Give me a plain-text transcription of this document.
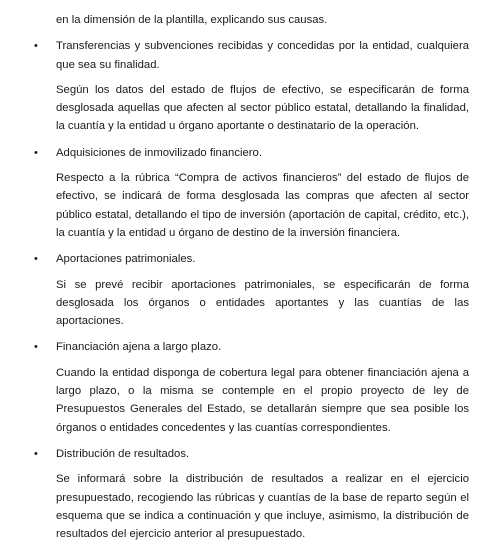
en la dimensión de la plantilla, explicando sus causas.
• Transferencias y subvenciones recibidas y concedidas por la entidad, cualquiera que sea su finalidad.
Según los datos del estado de flujos de efectivo, se especificarán de forma desglosada aquellas que afecten al sector público estatal, detallando la finalidad, la cuantía y la entidad u órgano aportante o destinatario de la operación.
• Adquisiciones de inmovilizado financiero.
Respecto a la rúbrica “Compra de activos financieros” del estado de flujos de efectivo, se indicará de forma desglosada las compras que afecten al sector público estatal, detallando el tipo de inversión (aportación de capital, crédito, etc.), la cuantía y la entidad u órgano de destino de la inversión financiera.
• Aportaciones patrimoniales.
Si se prevé recibir aportaciones patrimoniales, se especificarán de forma desglosada los órganos o entidades aportantes y las cuantías de las aportaciones.
• Financiación ajena a largo plazo.
Cuando la entidad disponga de cobertura legal para obtener financiación ajena a largo plazo, o la misma se contemple en el propio proyecto de ley de Presupuestos Generales del Estado, se detallarán siempre que sea posible los órganos o entidades concedentes y las cuantías correspondientes.
• Distribución de resultados.
Se informará sobre la distribución de resultados a realizar en el ejercicio presupuestado, recogiendo las rúbricas y cuantías de la base de reparto según el esquema que se indica a continuación y que incluye, asimismo, la distribución de resultados del ejercicio anterior al presupuestado.
